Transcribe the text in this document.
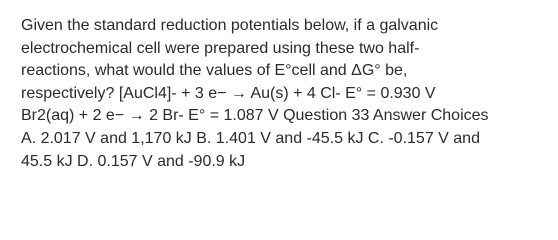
Given the standard reduction potentials below, if a galvanic
electrochemical cell were prepared using these two half-
reactions, what would the values of E°cell and ΔG° be,
respectively? [AuCl4]- + 3 e− → Au(s) + 4 Cl- E° = 0.930 V
Br2(aq) + 2 e− → 2 Br- E° = 1.087 V Question 33 Answer Choices
A. 2.017 V and 1,170 kJ B. 1.401 V and -45.5 kJ C. -0.157 V and
45.5 kJ D. 0.157 V and -90.9 kJ
